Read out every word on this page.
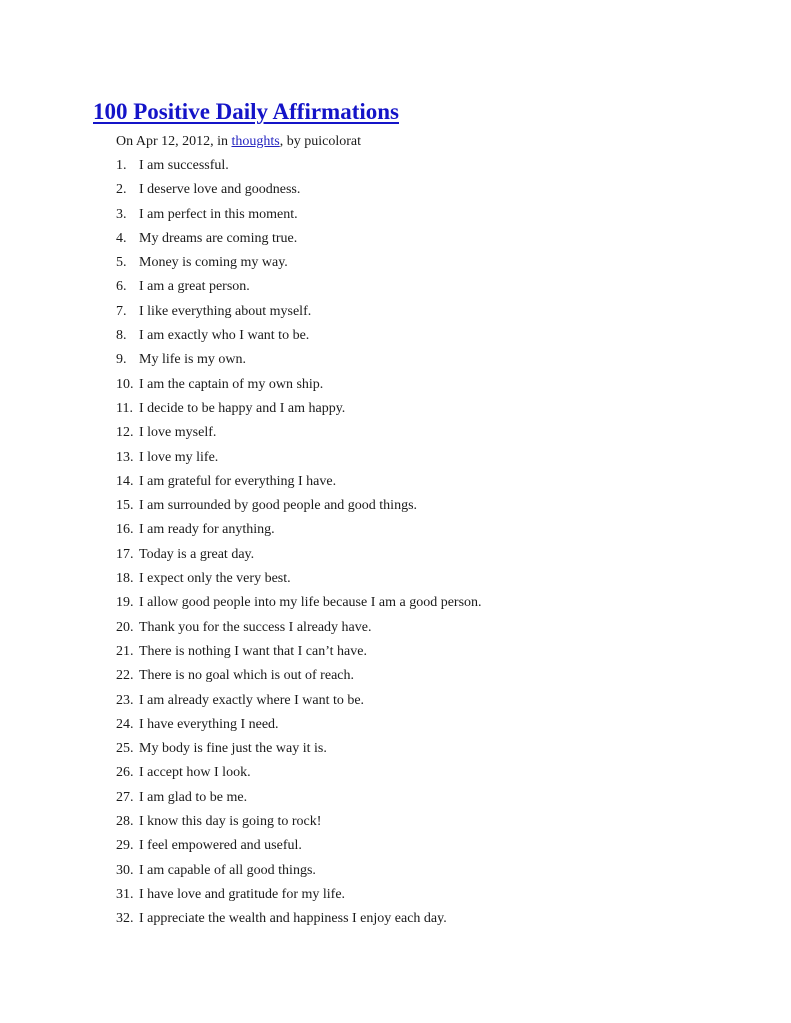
100 Positive Daily Affirmations
On Apr 12, 2012, in thoughts, by puicolorat
1. I am successful.
2. I deserve love and goodness.
3. I am perfect in this moment.
4. My dreams are coming true.
5. Money is coming my way.
6. I am a great person.
7. I like everything about myself.
8. I am exactly who I want to be.
9. My life is my own.
10. I am the captain of my own ship.
11. I decide to be happy and I am happy.
12. I love myself.
13. I love my life.
14. I am grateful for everything I have.
15. I am surrounded by good people and good things.
16. I am ready for anything.
17. Today is a great day.
18. I expect only the very best.
19. I allow good people into my life because I am a good person.
20. Thank you for the success I already have.
21. There is nothing I want that I can’t have.
22. There is no goal which is out of reach.
23. I am already exactly where I want to be.
24. I have everything I need.
25. My body is fine just the way it is.
26. I accept how I look.
27. I am glad to be me.
28. I know this day is going to rock!
29. I feel empowered and useful.
30. I am capable of all good things.
31. I have love and gratitude for my life.
32. I appreciate the wealth and happiness I enjoy each day.
